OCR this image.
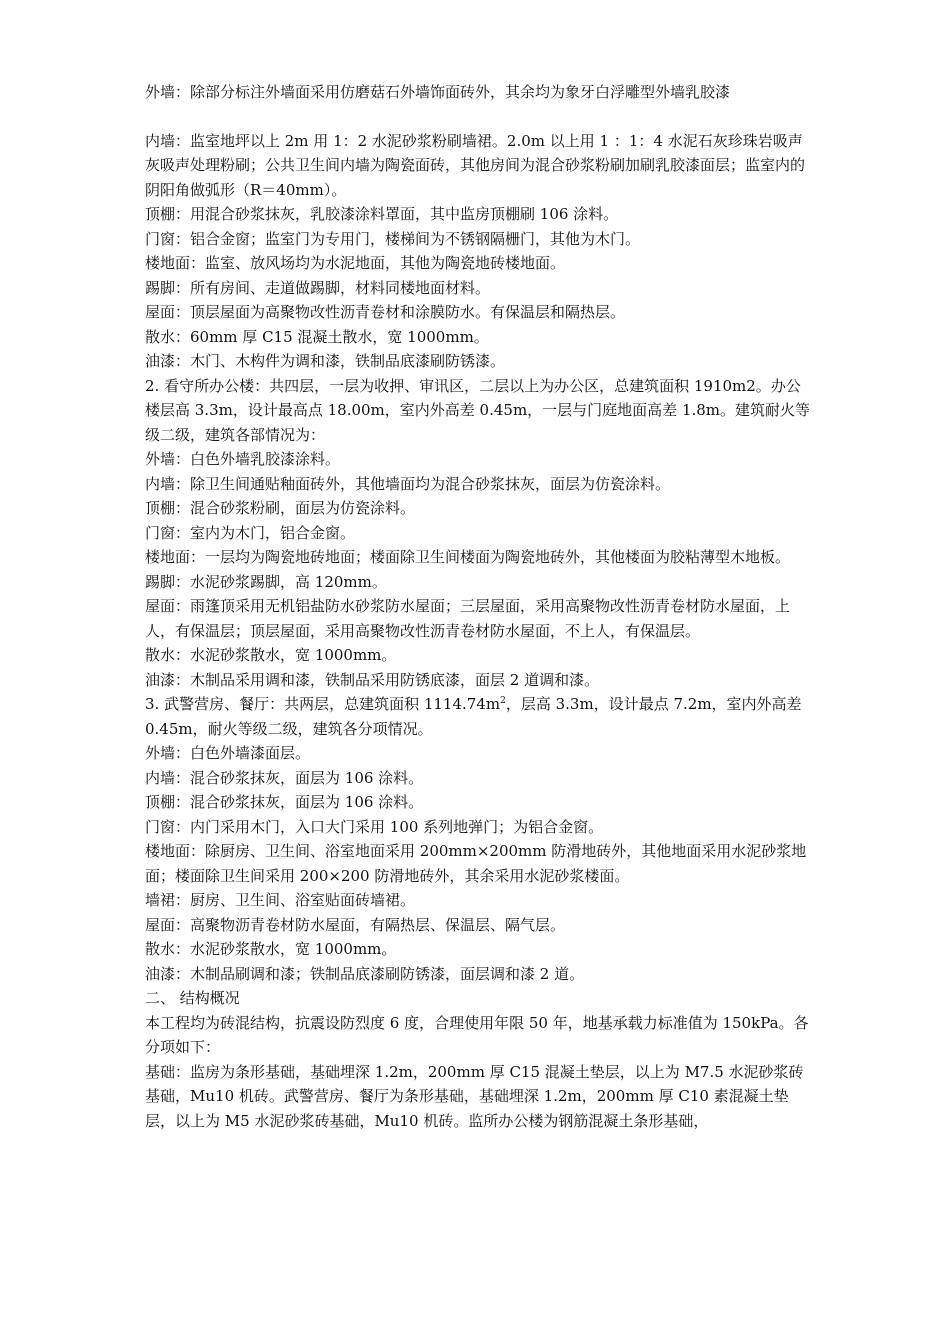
外墙：除部分标注外墙面采用仿磨菇石外墙饰面砖外，其余均为象牙白浮雕型外墙乳胶漆

内墙：监室地坪以上 2m 用 1：2 水泥砂浆粉刷墙裙。2.0m 以上用 1 ：1：4 水泥石灰珍珠岩吸声灰吸声处理粉刷；公共卫生间内墙为陶瓷面砖，其他房间为混合砂浆粉刷加刷乳胶漆面层；监室内的阴阳角做弧形（R＝40mm）。

顶棚：用混合砂浆抹灰，乳胶漆涂料罩面，其中监房顶棚刷 106 涂料。

门窗：铝合金窗；监室门为专用门，楼梯间为不锈钢隔栅门，其他为木门。

楼地面：监室、放风场均为水泥地面，其他为陶瓷地砖楼地面。

踢脚：所有房间、走道做踢脚，材料同楼地面材料。

屋面：顶层屋面为高聚物改性沥青卷材和涂膜防水。有保温层和隔热层。

散水：60mm 厚 C15 混凝土散水，宽 1000mm。

油漆：木门、木构件为调和漆，铁制品底漆刷防锈漆。

2. 看守所办公楼：共四层，一层为收押、审讯区，二层以上为办公区，总建筑面积 1910m2。办公楼层高 3.3m，设计最高点 18.00m，室内外高差 0.45m，一层与门庭地面高差 1.8m。建筑耐火等级二级，建筑各部情况为：

外墙：白色外墙乳胶漆涂料。

内墙：除卫生间通贴釉面砖外，其他墙面均为混合砂浆抹灰，面层为仿瓷涂料。

顶棚：混合砂浆粉刷，面层为仿瓷涂料。

门窗：室内为木门，铝合金窗。

楼地面：一层均为陶瓷地砖地面；楼面除卫生间楼面为陶瓷地砖外，其他楼面为胶粘薄型木地板。

踢脚：水泥砂浆踢脚，高 120mm。

屋面：雨篷顶采用无机铝盐防水砂浆防水屋面；三层屋面，采用高聚物改性沥青卷材防水屋面，上人，有保温层；顶层屋面，采用高聚物改性沥青卷材防水屋面，不上人，有保温层。

散水：水泥砂浆散水，宽 1000mm。

油漆：木制品采用调和漆，铁制品采用防锈底漆，面层 2 道调和漆。

3. 武警营房、餐厅：共两层，总建筑面积 $1114.74m^2$，层高 3.3m，设计最点 7.2m，室内外高差 0.45m，耐火等级二级，建筑各分项情况。

外墙：白色外墙漆面层。

内墙：混合砂浆抹灰，面层为 106 涂料。

顶棚：混合砂浆抹灰，面层为 106 涂料。

门窗：内门采用木门，入口大门采用 100 系列地弹门；为铝合金窗。

楼地面：除厨房、卫生间、浴室地面采用 200mm×200mm 防滑地砖外，其他地面采用水泥砂浆地面；楼面除卫生间采用 200×200 防滑地砖外，其余采用水泥砂浆楼面。

墙裙：厨房、卫生间、浴室贴面砖墙裙。

屋面：高聚物沥青卷材防水屋面，有隔热层、保温层、隔气层。

散水：水泥砂浆散水，宽 1000mm。

油漆：木制品刷调和漆；铁制品底漆刷防锈漆，面层调和漆 2 道。

二、 结构概况

本工程均为砖混结构，抗震设防烈度 6 度，合理使用年限 50 年，地基承载力标准值为 150kPa。各分项如下：

基础：监房为条形基础，基础埋深 1.2m，200mm 厚 C15 混凝土垫层，以上为 M7.5 水泥砂浆砖基础，Mu10 机砖。武警营房、餐厅为条形基础，基础埋深 1.2m，200mm 厚 C10 素混凝土垫层，以上为 M5 水泥砂浆砖基础，Mu10 机砖。监所办公楼为钢筋混凝土条形基础，
